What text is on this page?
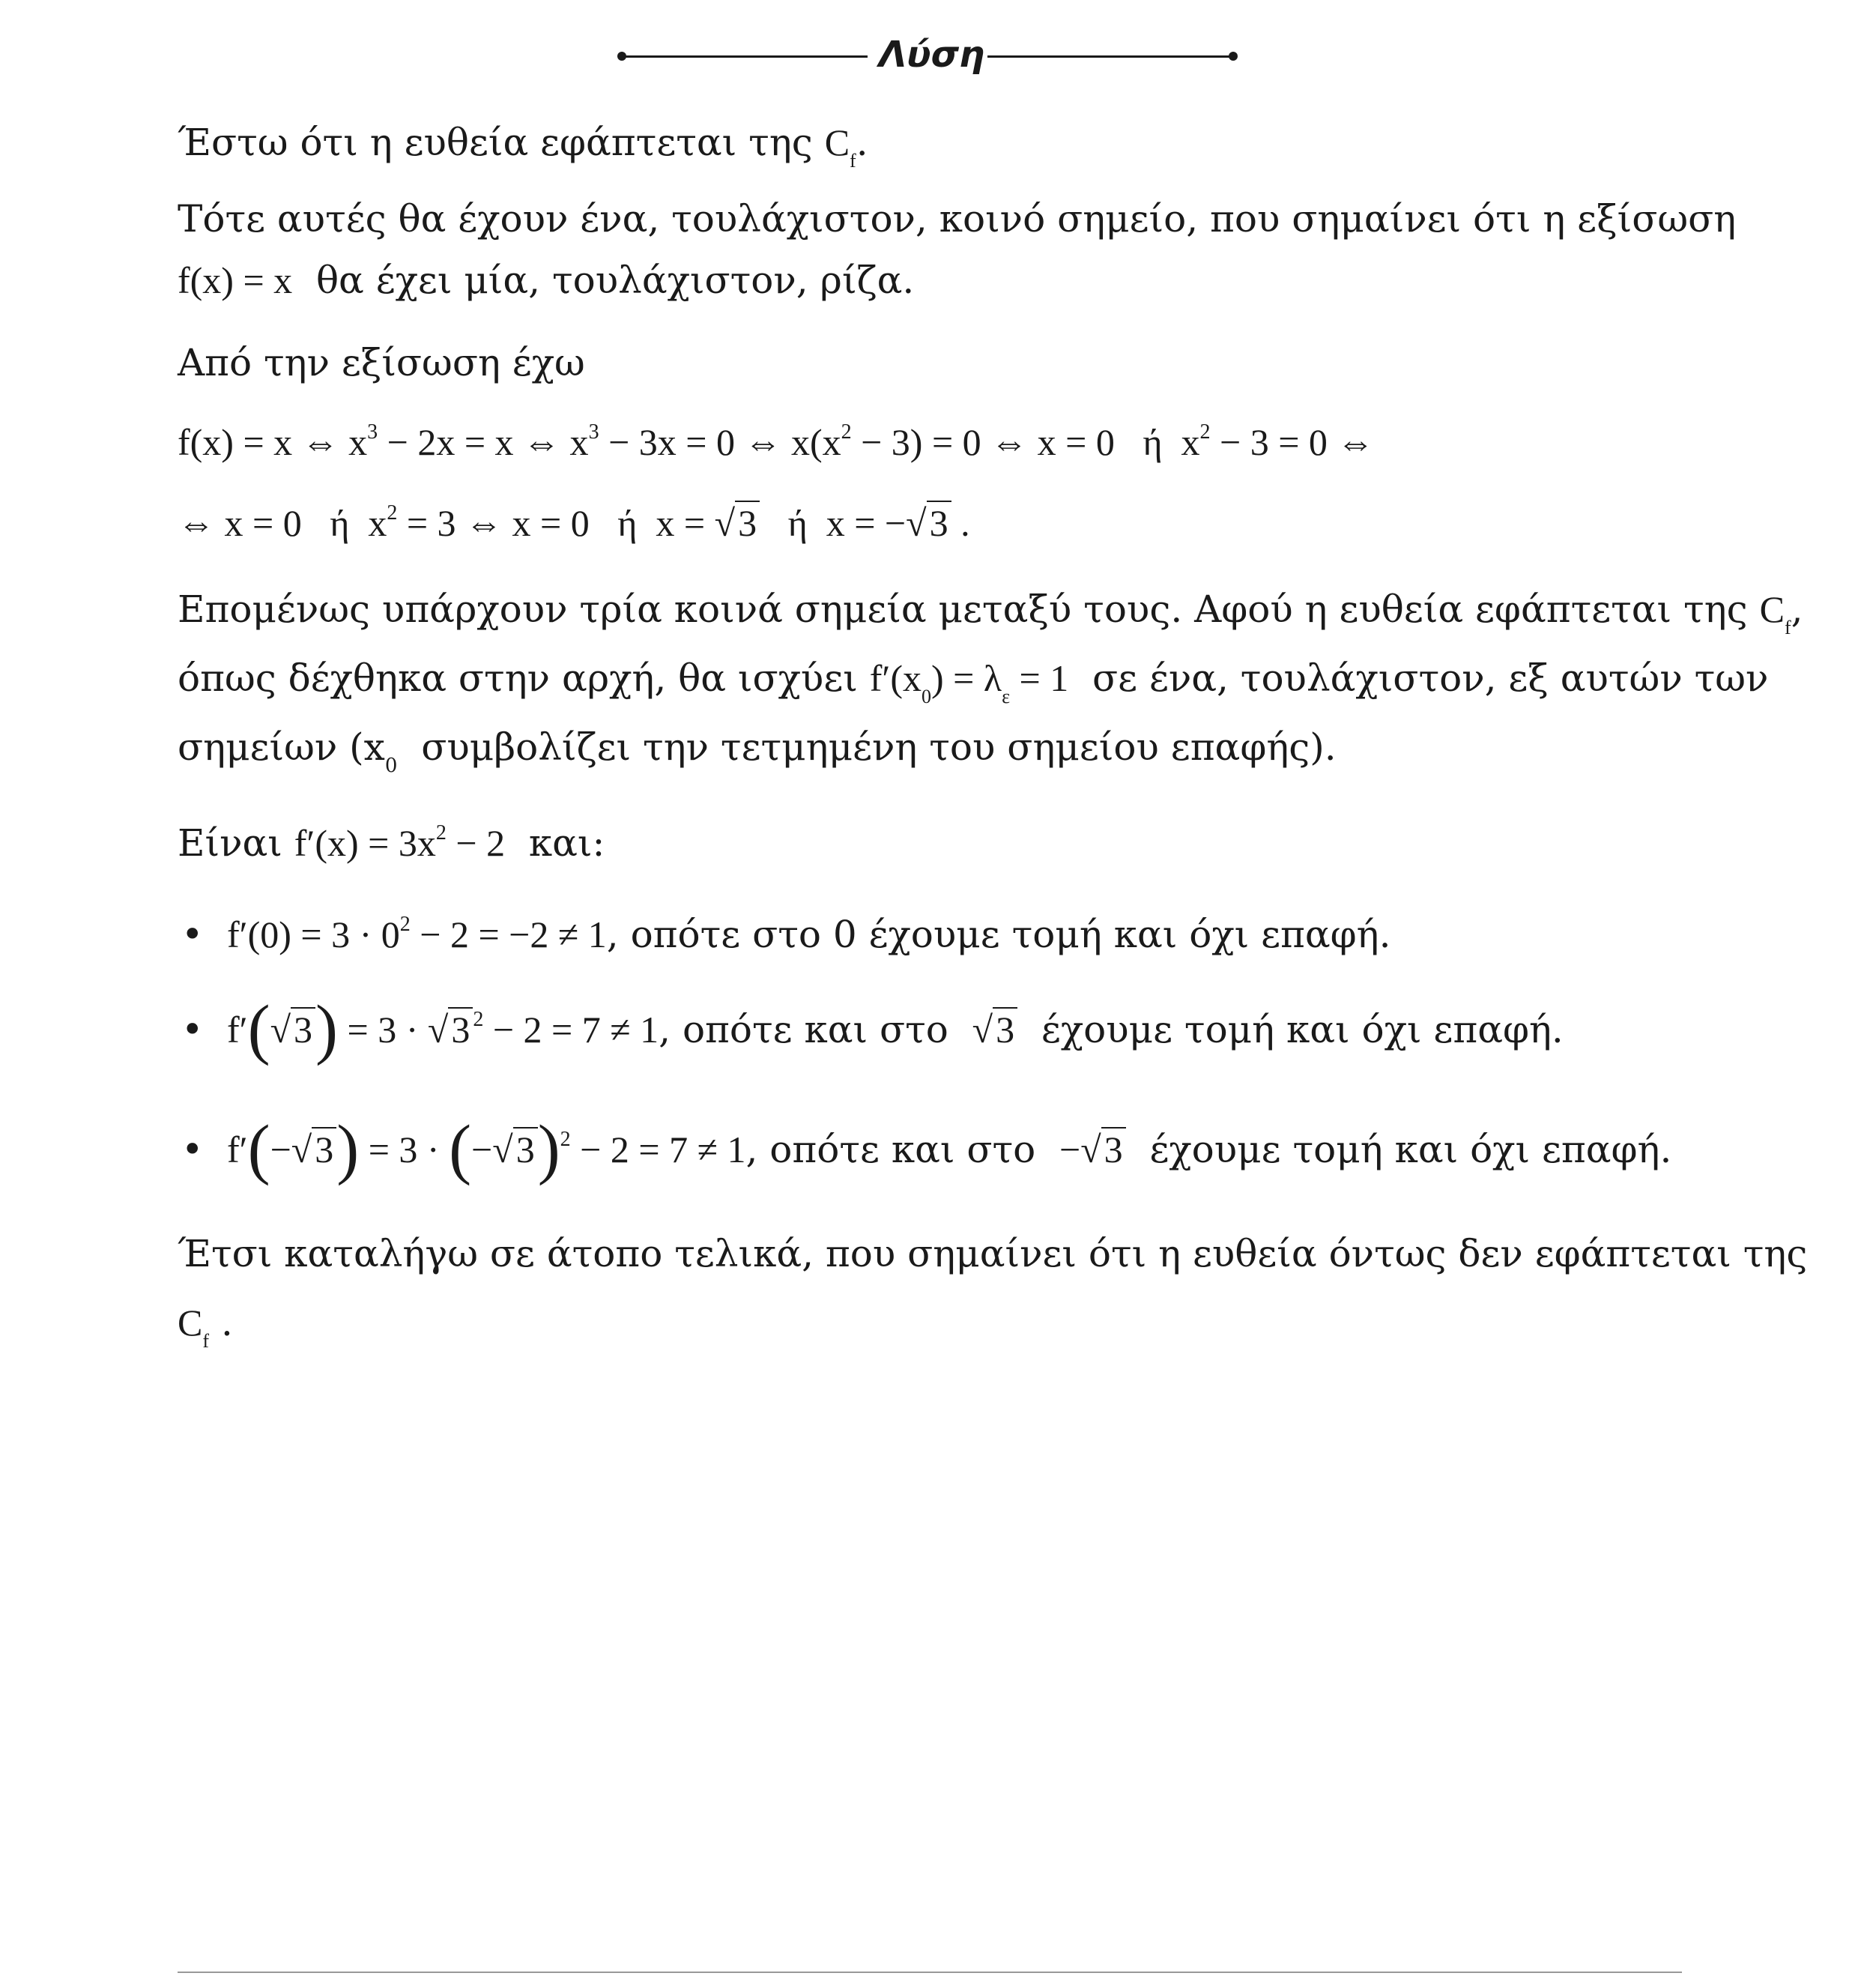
Λύση
Έστω ότι η ευθεία εφάπτεται της $C_f$.
Τότε αυτές θα έχουν ένα, τουλάχιστον, κοινό σημείο, που σημαίνει ότι η εξίσωση
f(x) = x θα έχει μία, τουλάχιστον, ρίζα.
Από την εξίσωση έχω
f(x) = x ⇔ $x^3 - 2x = x$ ⇔ $x^3 - 3x = 0$ ⇔ $x(x^2 - 3) = 0$ ⇔ x = 0 ή $x^2 - 3 = 0$ ⇔
⇔ x = 0 ή $x^2 = 3$ ⇔ x = 0 ή x = √3 ή x = −√3 .
Επομένως υπάρχουν τρία κοινά σημεία μεταξύ τους. Αφού η ευθεία εφάπτεται της $C_f$,
όπως δέχθηκα στην αρχή, θα ισχύει $f'(x_0) = \lambda_\varepsilon = 1$ σε ένα, τουλάχιστον, εξ αυτών των
σημείων ($x_0$ συμβολίζει την τετμημένη του σημείου επαφής).
Είναι $f'(x) = 3x^2 - 2$ και:
• $f'(0) = 3 \cdot 0^2 - 2 = -2 \ne 1$, οπότε στο 0 έχουμε τομή και όχι επαφή.
• f′(√3) = 3 · √3 $^2$ − 2 = 7 ≠ 1, οπότε και στο √3 έχουμε τομή και όχι επαφή.
• $f'(-√3) = 3 \cdot (-√3)^2 - 2 = 7 \ne 1$, οπότε και στο −√3 έχουμε τομή και όχι επαφή.
Έτσι καταλήγω σε άτοπο τελικά, που σημαίνει ότι η ευθεία όντως δεν εφάπτεται της
$C_f$ .
